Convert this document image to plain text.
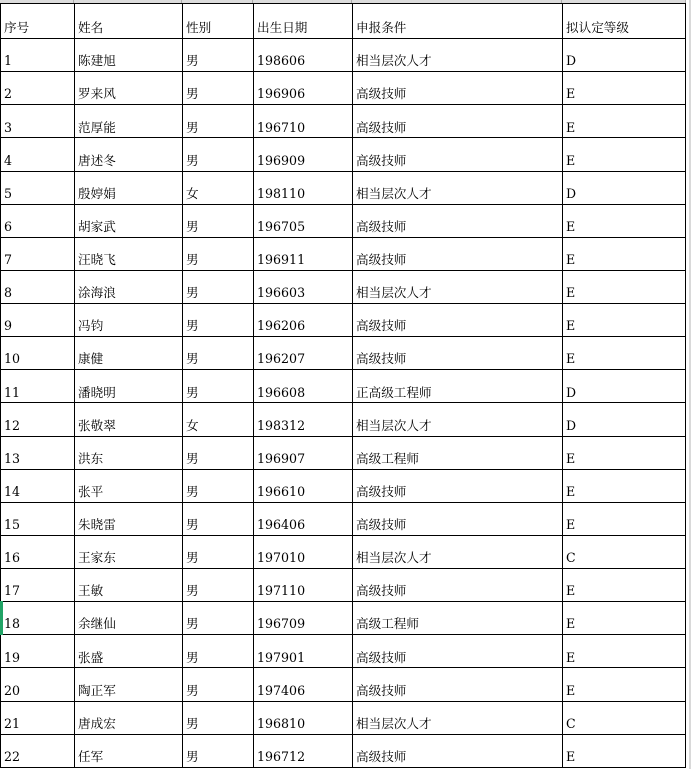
序号	姓名	性别	出生日期	申报条件	拟认定等级
1	陈建旭	男	198606	相当层次人才	D
2	罗来风	男	196906	高级技师	E
3	范厚能	男	196710	高级技师	E
4	唐述冬	男	196909	高级技师	E
5	殷婷娟	女	198110	相当层次人才	D
6	胡家武	男	196705	高级技师	E
7	汪晓飞	男	196911	高级技师	E
8	涂海浪	男	196603	相当层次人才	E
9	冯钧	男	196206	高级技师	E
10	康健	男	196207	高级技师	E
11	潘晓明	男	196608	正高级工程师	D
12	张敬翠	女	198312	相当层次人才	D
13	洪东	男	196907	高级工程师	E
14	张平	男	196610	高级技师	E
15	朱晓雷	男	196406	高级技师	E
16	王家东	男	197010	相当层次人才	C
17	王敏	男	197110	高级技师	E
18	余继仙	男	196709	高级工程师	E
19	张盛	男	197901	高级技师	E
20	陶正军	男	197406	高级技师	E
21	唐成宏	男	196810	相当层次人才	C
22	任军	男	196712	高级技师	E
